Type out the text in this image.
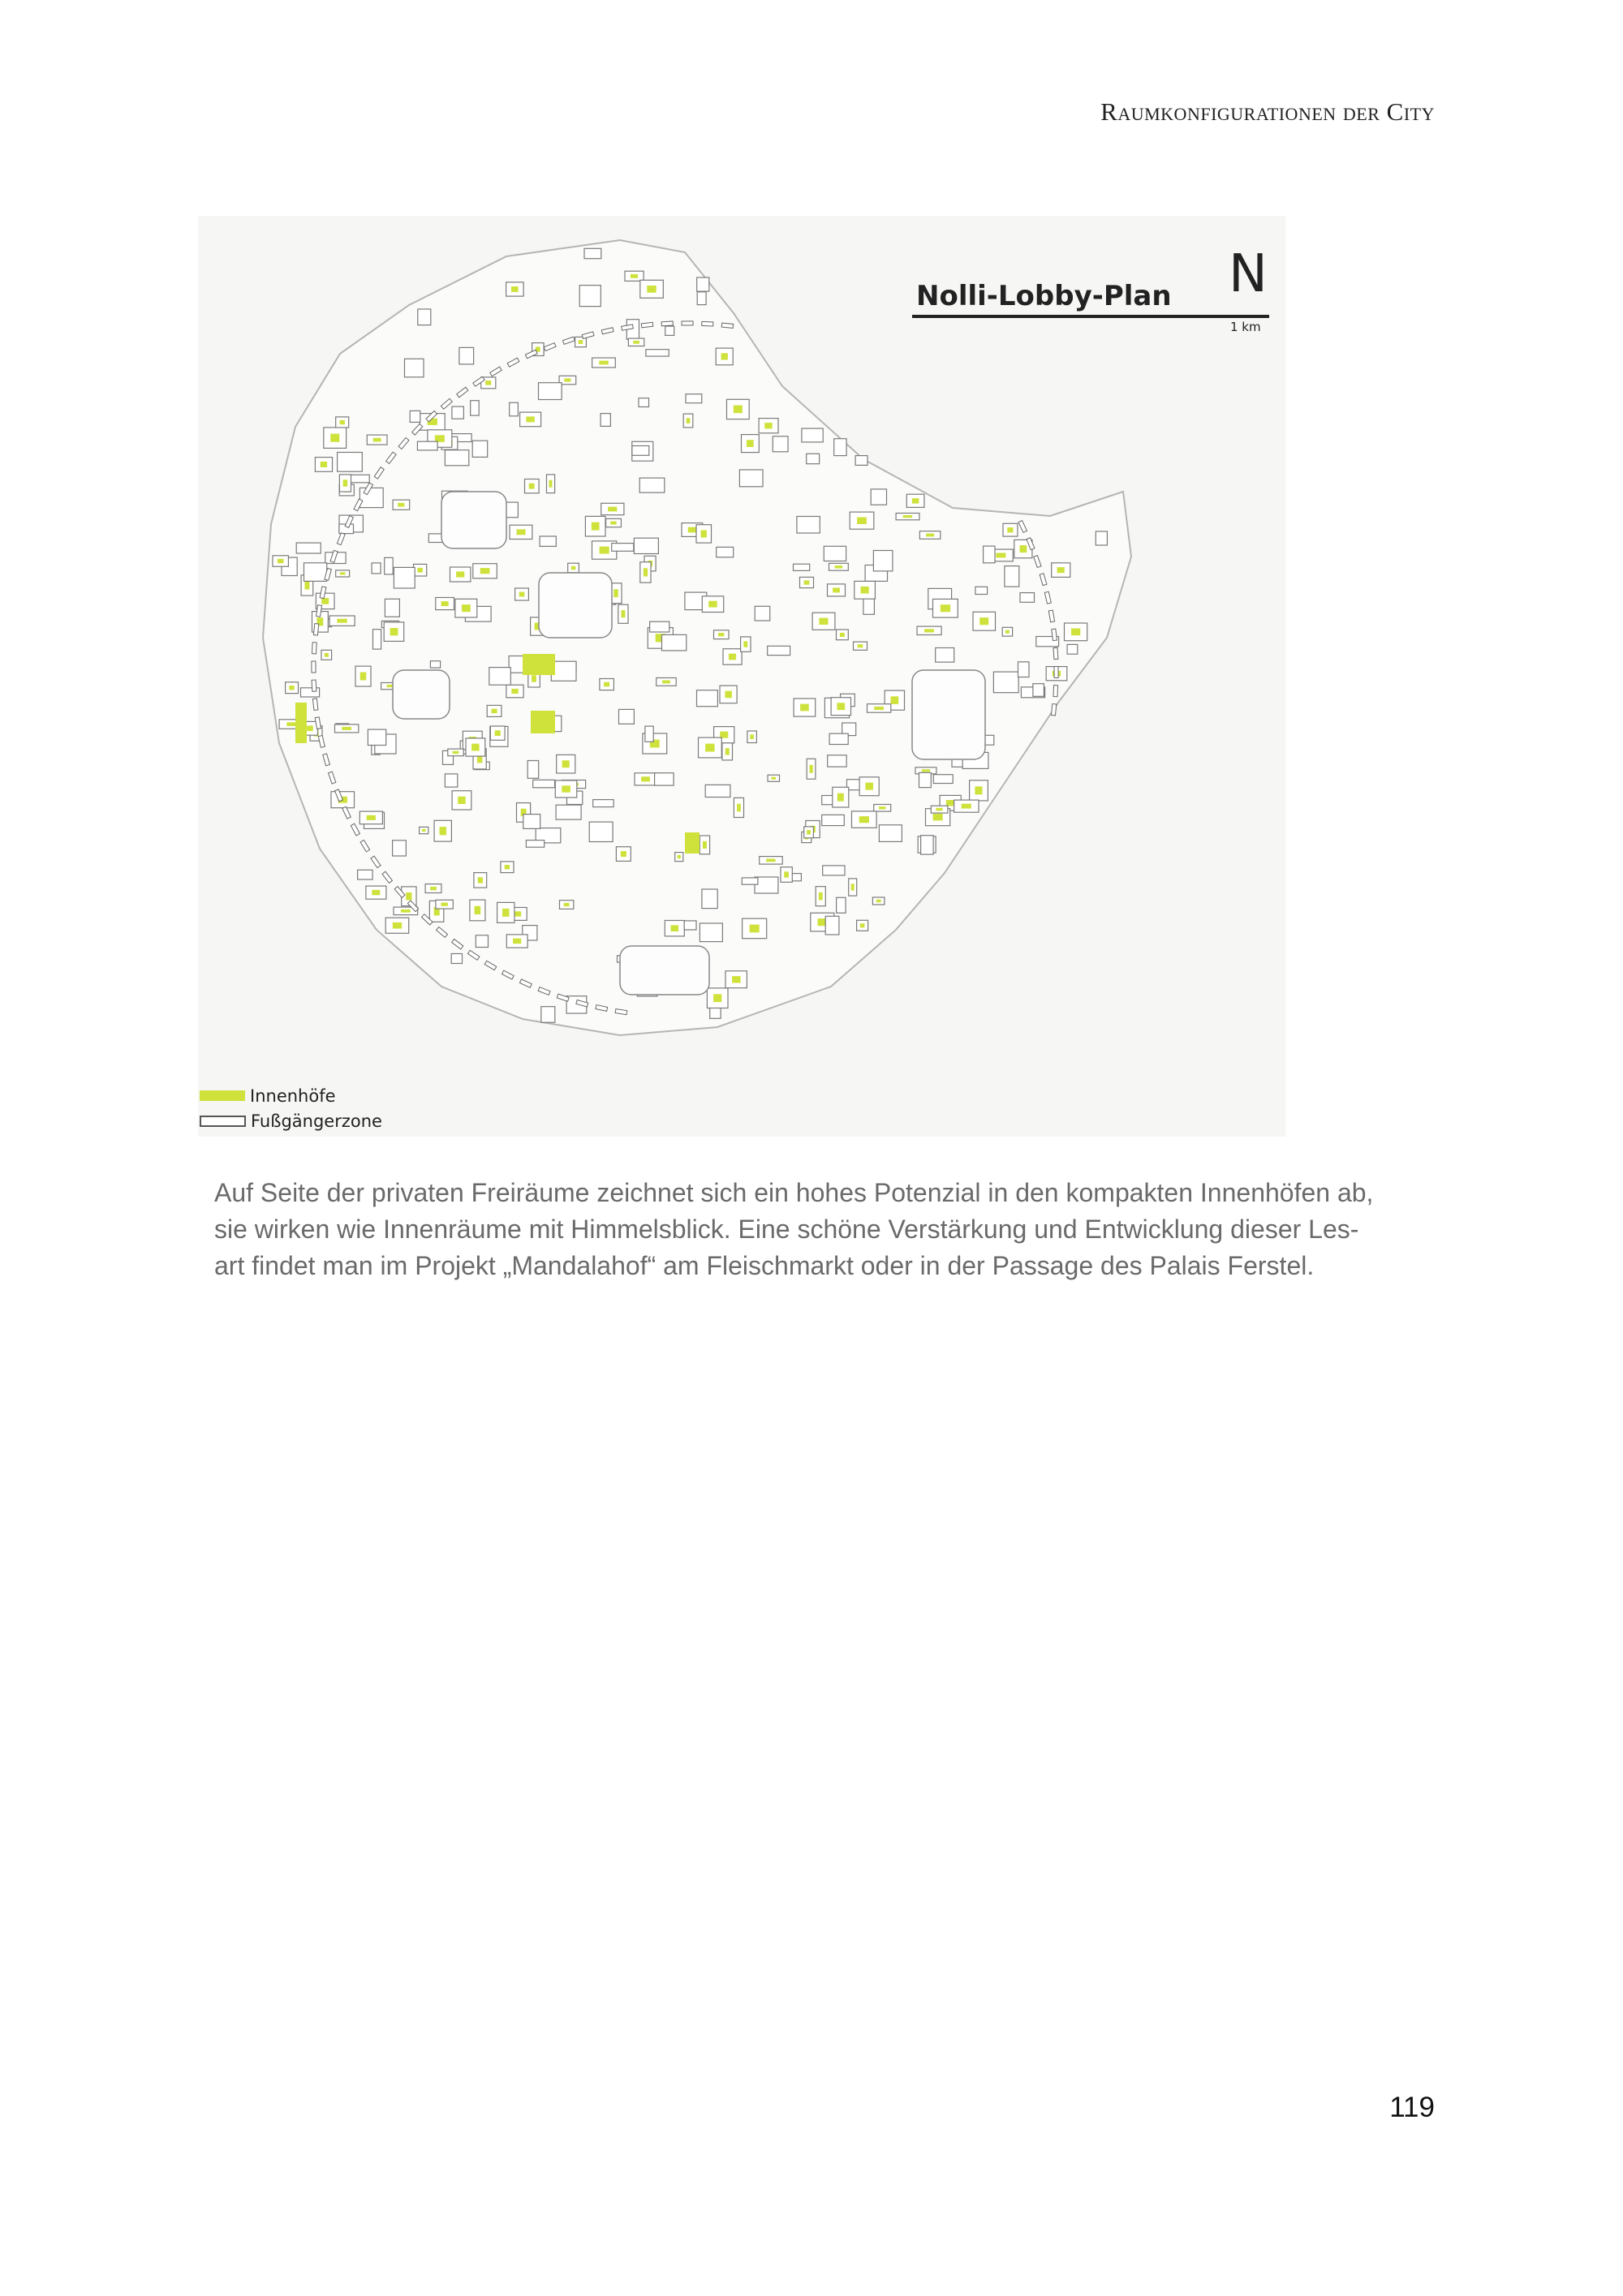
Raumkonfigurationen der City
Nolli-Lobby-Plan N
1 km
Innenhöfe
Fußgängerzone
Auf Seite der privaten Freiräume zeichnet sich ein hohes Potenzial in den kompakten Innenhöfen ab,
sie wirken wie Innenräume mit Himmelsblick. Eine schöne Verstärkung und Entwicklung dieser Les-
art findet man im Projekt „Mandalahof“ am Fleischmarkt oder in der Passage des Palais Ferstel.
119
